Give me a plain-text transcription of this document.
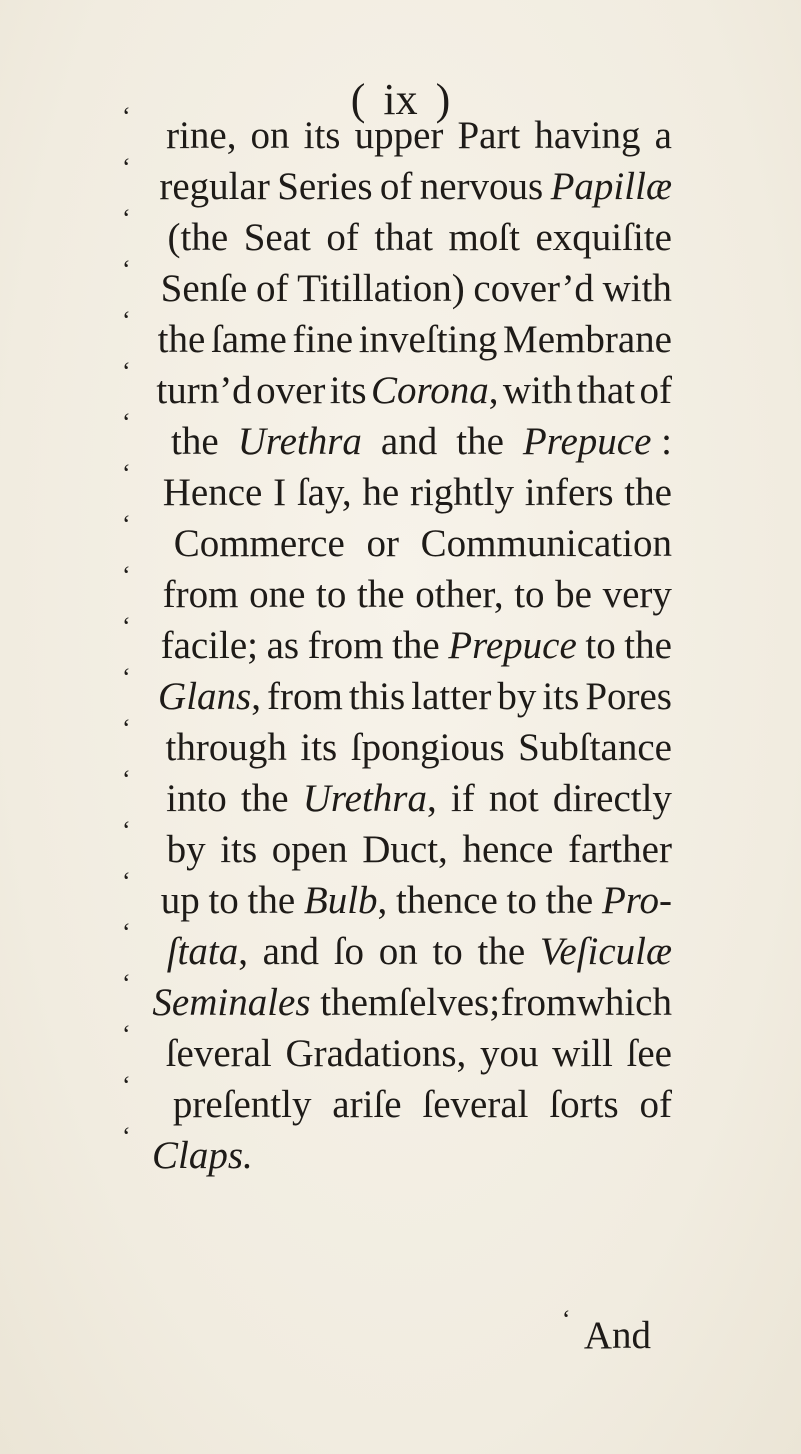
( ix )
‘ rine, on its upper Part having a
‘ regular Series of nervous Papillæ
‘ (the Seat of that moſt exquiſite
‘ Senſe of Titillation) cover’d with
‘ the ſame fine inveſting Membrane
‘ turn’d over its Corona, with that of
‘	the Urethra and the Prepuce :
‘ Hence I ſay, he rightly infers the
‘	Commerce or Communication
‘ from one to the other, to be very
‘ facile; as from the Prepuce to the
‘ Glans, from this latter by its Pores
‘ through its ſpongious Subſtance
‘ into the Urethra, if not directly
‘ by its open Duct, hence farther
‘ up to the Bulb, thence to the Pro-
‘ ſtata, and ſo on to the Veſiculæ
‘ Seminales themſelves; from which
‘ ſeveral Gradations, you will ſee
‘	preſently ariſe ſeveral ſorts of
‘ Claps.
‘ And
